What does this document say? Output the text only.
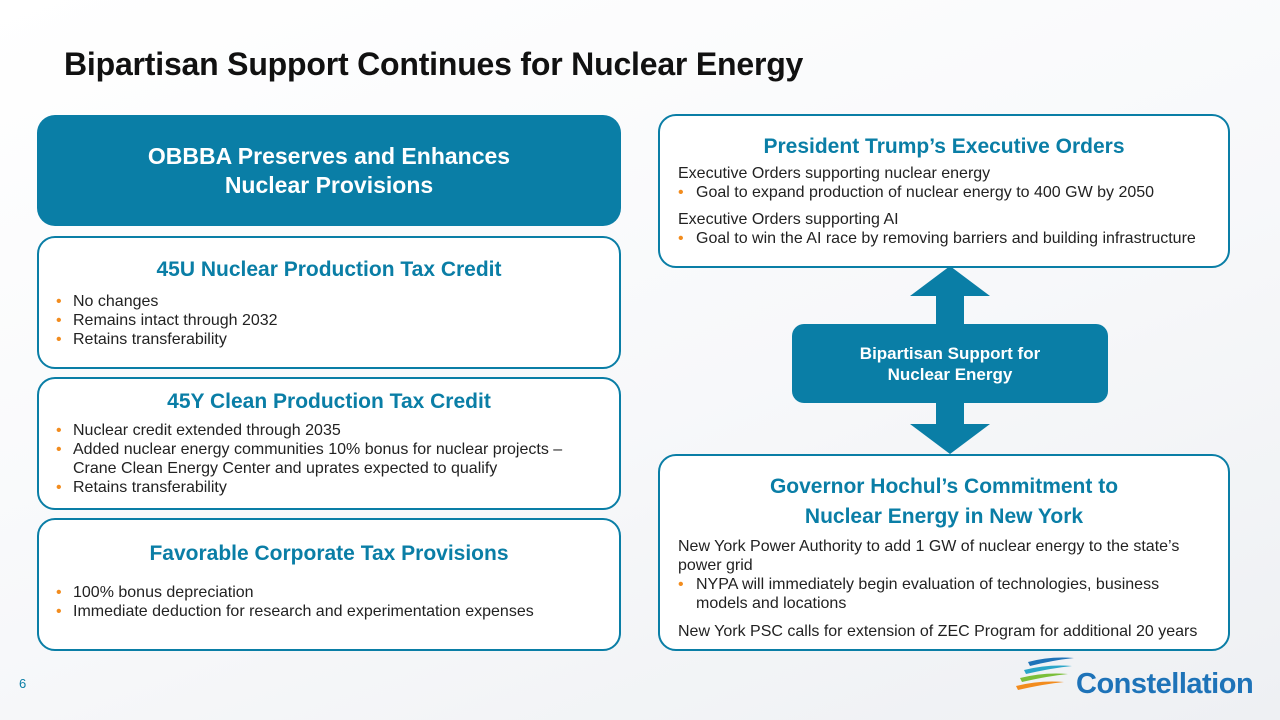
Bipartisan Support Continues for Nuclear Energy
OBBBA Preserves and Enhances
Nuclear Provisions
45U Nuclear Production Tax Credit
• No changes
• Remains intact through 2032
• Retains transferability
45Y Clean Production Tax Credit
• Nuclear credit extended through 2035
• Added nuclear energy communities 10% bonus for nuclear projects –
Crane Clean Energy Center and uprates expected to qualify
• Retains transferability
Favorable Corporate Tax Provisions
• 100% bonus depreciation
• Immediate deduction for research and experimentation expenses
President Trump’s Executive Orders
Executive Orders supporting nuclear energy
• Goal to expand production of nuclear energy to 400 GW by 2050
Executive Orders supporting AI
• Goal to win the AI race by removing barriers and building infrastructure
Bipartisan Support for
Nuclear Energy
Governor Hochul’s Commitment to
Nuclear Energy in New York
New York Power Authority to add 1 GW of nuclear energy to the state’s
power grid
• NYPA will immediately begin evaluation of technologies, business
models and locations
New York PSC calls for extension of ZEC Program for additional 20 years
6	Constellation
